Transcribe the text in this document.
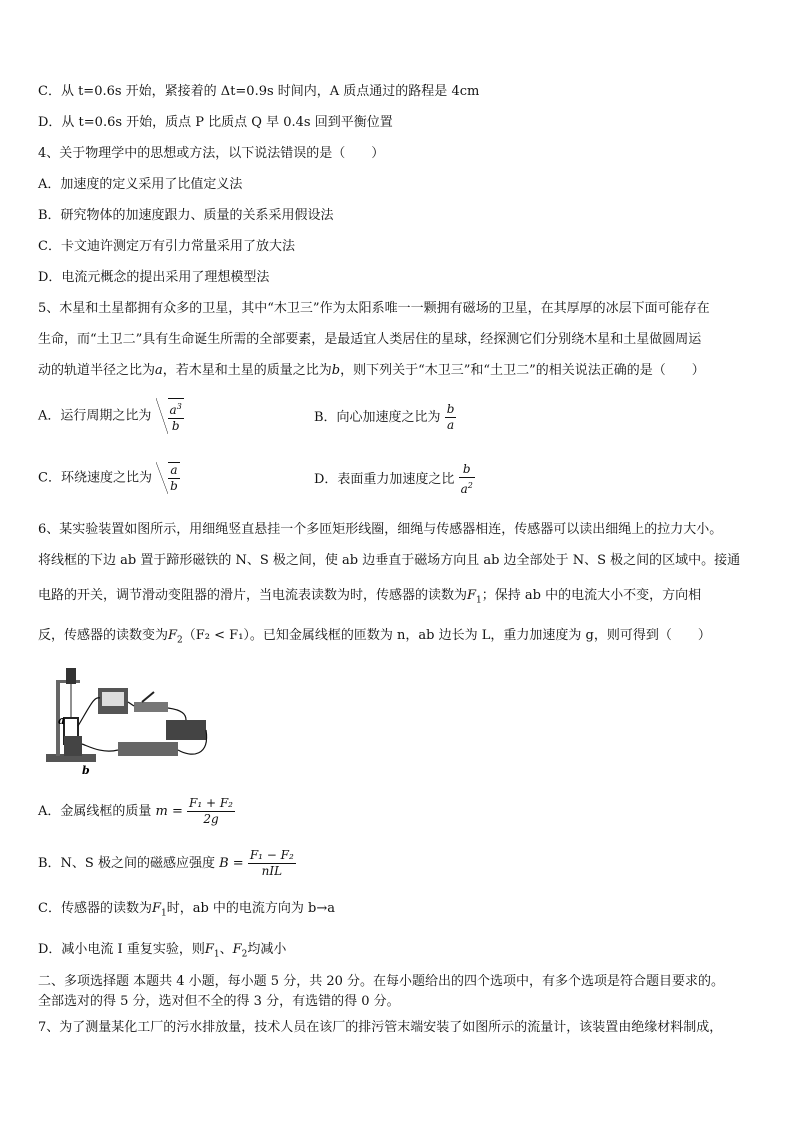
C．从 t=0.6s 开始，紧接着的 Δt=0.9s 时间内，A 质点通过的路程是 4cm
D．从 t=0.6s 开始，质点 P 比质点 Q 早 0.4s 回到平衡位置
4、关于物理学中的思想或方法，以下说法错误的是（　　）
A．加速度的定义采用了比值定义法
B．研究物体的加速度跟力、质量的关系采用假设法
C．卡文迪许测定万有引力常量采用了放大法
D．电流元概念的提出采用了理想模型法
5、木星和土星都拥有众多的卫星，其中“木卫三”作为太阳系唯一一颗拥有磁场的卫星，在其厚厚的冰层下面可能存在
生命，而“土卫二”具有生命诞生所需的全部要素，是最适宜人类居住的星球，经探测它们分别绕木星和土星做圆周运
动的轨道半径之比为a，若木星和土星的质量之比为b，则下列关于“木卫三”和“土卫二”的相关说法正确的是（　　）
A．运行周期之比为 $\frac{a^3}{b}$	B．向心加速度之比为 $\frac{b}{a}$
C．环绕速度之比为 $\frac{a}{b}$	D．表面重力加速度之比 $\frac{b}{a^2}$
6、某实验装置如图所示，用细绳竖直悬挂一个多匝矩形线圈，细绳与传感器相连，传感器可以读出细绳上的拉力大小。
将线框的下边 ab 置于蹄形磁铁的 N、S 极之间，使 ab 边垂直于磁场方向且 ab 边全部处于 N、S 极之间的区域中。接通
电路的开关，调节滑动变阻器的滑片，当电流表读数为时，传感器的读数为$F_1$；保持 ab 中的电流大小不变，方向相
反，传感器的读数变为$F_2(F_2 < F_1)$。已知金属线框的匝数为 n，ab 边长为 L，重力加速度为 g，则可得到（　　）
a
b
A．金属线框的质量 $m = \frac{\text{F₁ + F₂}}{2g}$
B．N、S 极之间的磁感应强度 $B = \frac{\text{F₁ − F₂}}{\text{nIL}}$
C．传感器的读数为$F_1$时，ab 中的电流方向为 b→a
D．减小电流 I 重复实验，则$F_1$、$F_2$均减小
二、多项选择题 本题共 4 小题，每小题 5 分，共 20 分。在每小题给出的四个选项中，有多个选项是符合题目要求的。
全部选对的得 5 分，选对但不全的得 3 分，有选错的得 0 分。
7、为了测量某化工厂的污水排放量，技术人员在该厂的排污管末端安装了如图所示的流量计，该装置由绝缘材料制成，
